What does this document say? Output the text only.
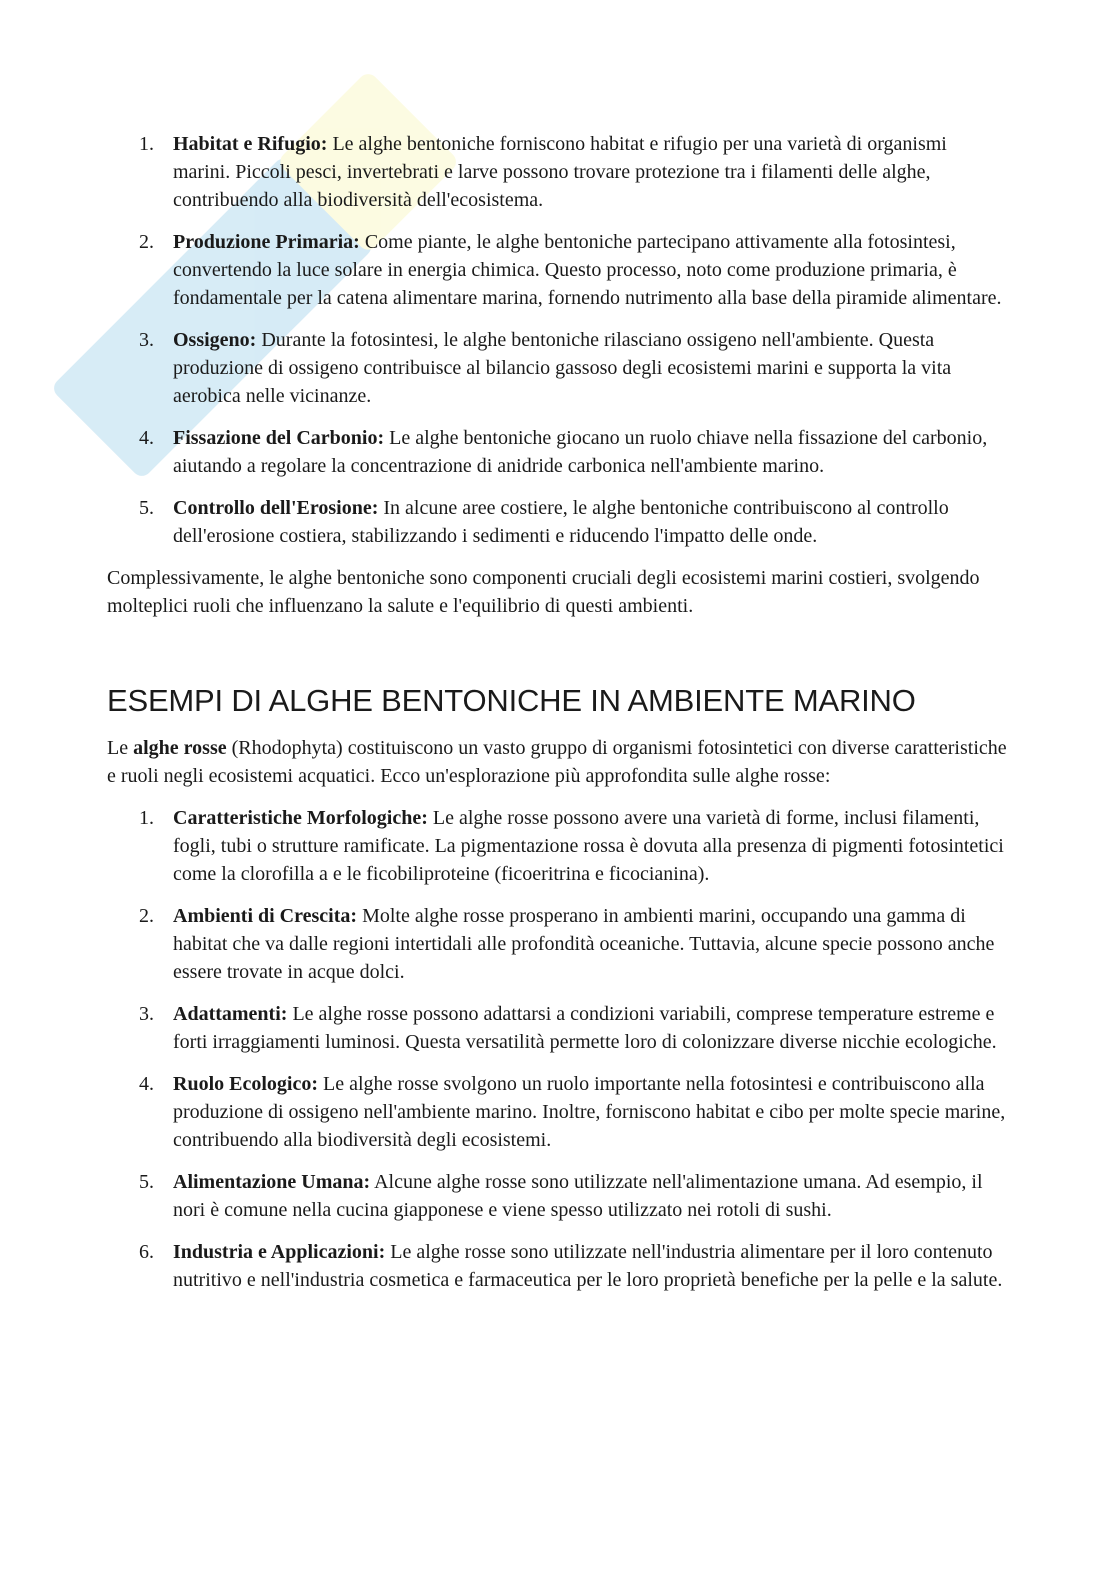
1. Habitat e Rifugio: Le alghe bentoniche forniscono habitat e rifugio per una varietà di organismi marini. Piccoli pesci, invertebrati e larve possono trovare protezione tra i filamenti delle alghe, contribuendo alla biodiversità dell'ecosistema.
2. Produzione Primaria: Come piante, le alghe bentoniche partecipano attivamente alla fotosintesi, convertendo la luce solare in energia chimica. Questo processo, noto come produzione primaria, è fondamentale per la catena alimentare marina, fornendo nutrimento alla base della piramide alimentare.
3. Ossigeno: Durante la fotosintesi, le alghe bentoniche rilasciano ossigeno nell'ambiente. Questa produzione di ossigeno contribuisce al bilancio gassoso degli ecosistemi marini e supporta la vita aerobica nelle vicinanze.
4. Fissazione del Carbonio: Le alghe bentoniche giocano un ruolo chiave nella fissazione del carbonio, aiutando a regolare la concentrazione di anidride carbonica nell'ambiente marino.
5. Controllo dell'Erosione: In alcune aree costiere, le alghe bentoniche contribuiscono al controllo dell'erosione costiera, stabilizzando i sedimenti e riducendo l'impatto delle onde.

Complessivamente, le alghe bentoniche sono componenti cruciali degli ecosistemi marini costieri, svolgendo molteplici ruoli che influenzano la salute e l'equilibrio di questi ambienti.

ESEMPI DI ALGHE BENTONICHE IN AMBIENTE MARINO

Le alghe rosse (Rhodophyta) costituiscono un vasto gruppo di organismi fotosintetici con diverse caratteristiche e ruoli negli ecosistemi acquatici. Ecco un'esplorazione più approfondita sulle alghe rosse:

1. Caratteristiche Morfologiche: Le alghe rosse possono avere una varietà di forme, inclusi filamenti, fogli, tubi o strutture ramificate. La pigmentazione rossa è dovuta alla presenza di pigmenti fotosintetici come la clorofilla a e le ficobiliproteine (ficoeritrina e ficocianina).
2. Ambienti di Crescita: Molte alghe rosse prosperano in ambienti marini, occupando una gamma di habitat che va dalle regioni intertidali alle profondità oceaniche. Tuttavia, alcune specie possono anche essere trovate in acque dolci.
3. Adattamenti: Le alghe rosse possono adattarsi a condizioni variabili, comprese temperature estreme e forti irraggiamenti luminosi. Questa versatilità permette loro di colonizzare diverse nicchie ecologiche.
4. Ruolo Ecologico: Le alghe rosse svolgono un ruolo importante nella fotosintesi e contribuiscono alla produzione di ossigeno nell'ambiente marino. Inoltre, forniscono habitat e cibo per molte specie marine, contribuendo alla biodiversità degli ecosistemi.
5. Alimentazione Umana: Alcune alghe rosse sono utilizzate nell'alimentazione umana. Ad esempio, il nori è comune nella cucina giapponese e viene spesso utilizzato nei rotoli di sushi.
6. Industria e Applicazioni: Le alghe rosse sono utilizzate nell'industria alimentare per il loro contenuto nutritivo e nell'industria cosmetica e farmaceutica per le loro proprietà benefiche per la pelle e la salute.
